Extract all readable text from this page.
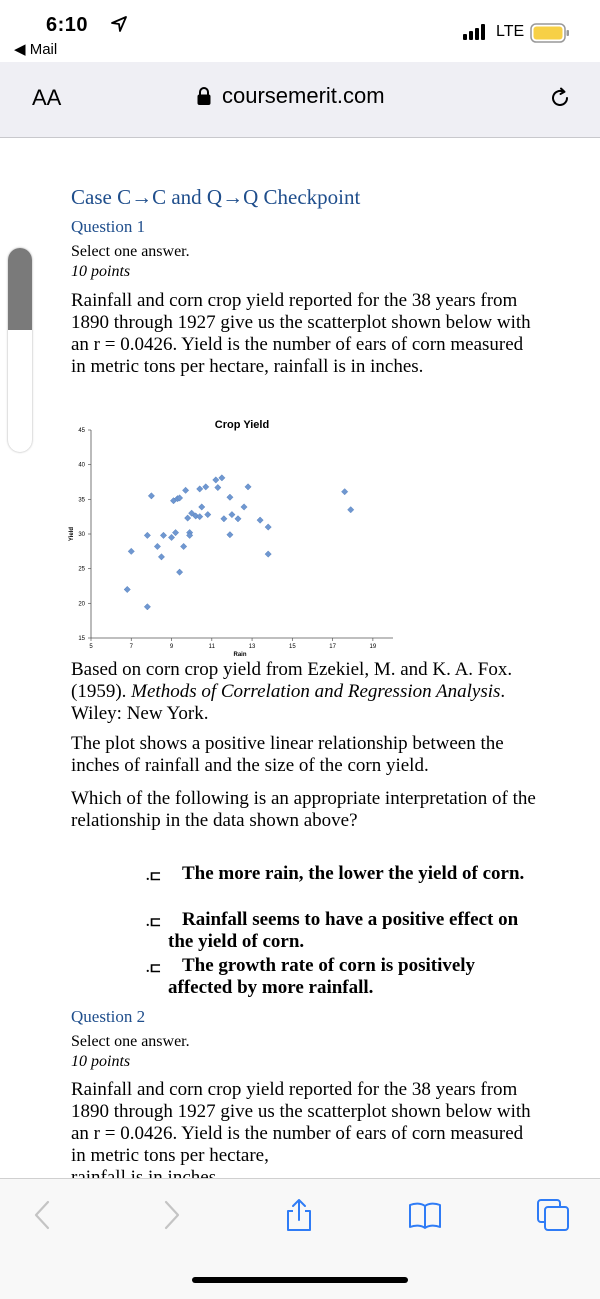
6:10
◀ Mail
LTE
AA	coursemerit.com
Case C→C and Q→Q Checkpoint
Question 1
Select one answer.
10 points
Rainfall and corn crop yield reported for the 38 years from 1890 through 1927 give us the scatterplot shown below with an r = 0.0426. Yield is the number of ears of corn measured in metric tons per hectare, rainfall is in inches.
Crop Yield
15
20
25
30
35
40
45
5	7	9	11	13	15	17	19
Yield
Rain
Based on corn crop yield from Ezekiel, M. and K. A. Fox. (1959). Methods of Correlation and Regression Analysis. Wiley: New York.
The plot shows a positive linear relationship between the inches of rainfall and the size of the corn yield.
Which of the following is an appropriate interpretation of the relationship in the data shown above?
.⊏	The more rain, the lower the yield of corn.
.⊏	Rainfall seems to have a positive effect on the yield of corn.
.⊏	The growth rate of corn is positively affected by more rainfall.
Question 2
Select one answer.
10 points
Rainfall and corn crop yield reported for the 38 years from 1890 through 1927 give us the scatterplot shown below with an r = 0.0426. Yield is the number of ears of corn measured in metric tons per hectare,
